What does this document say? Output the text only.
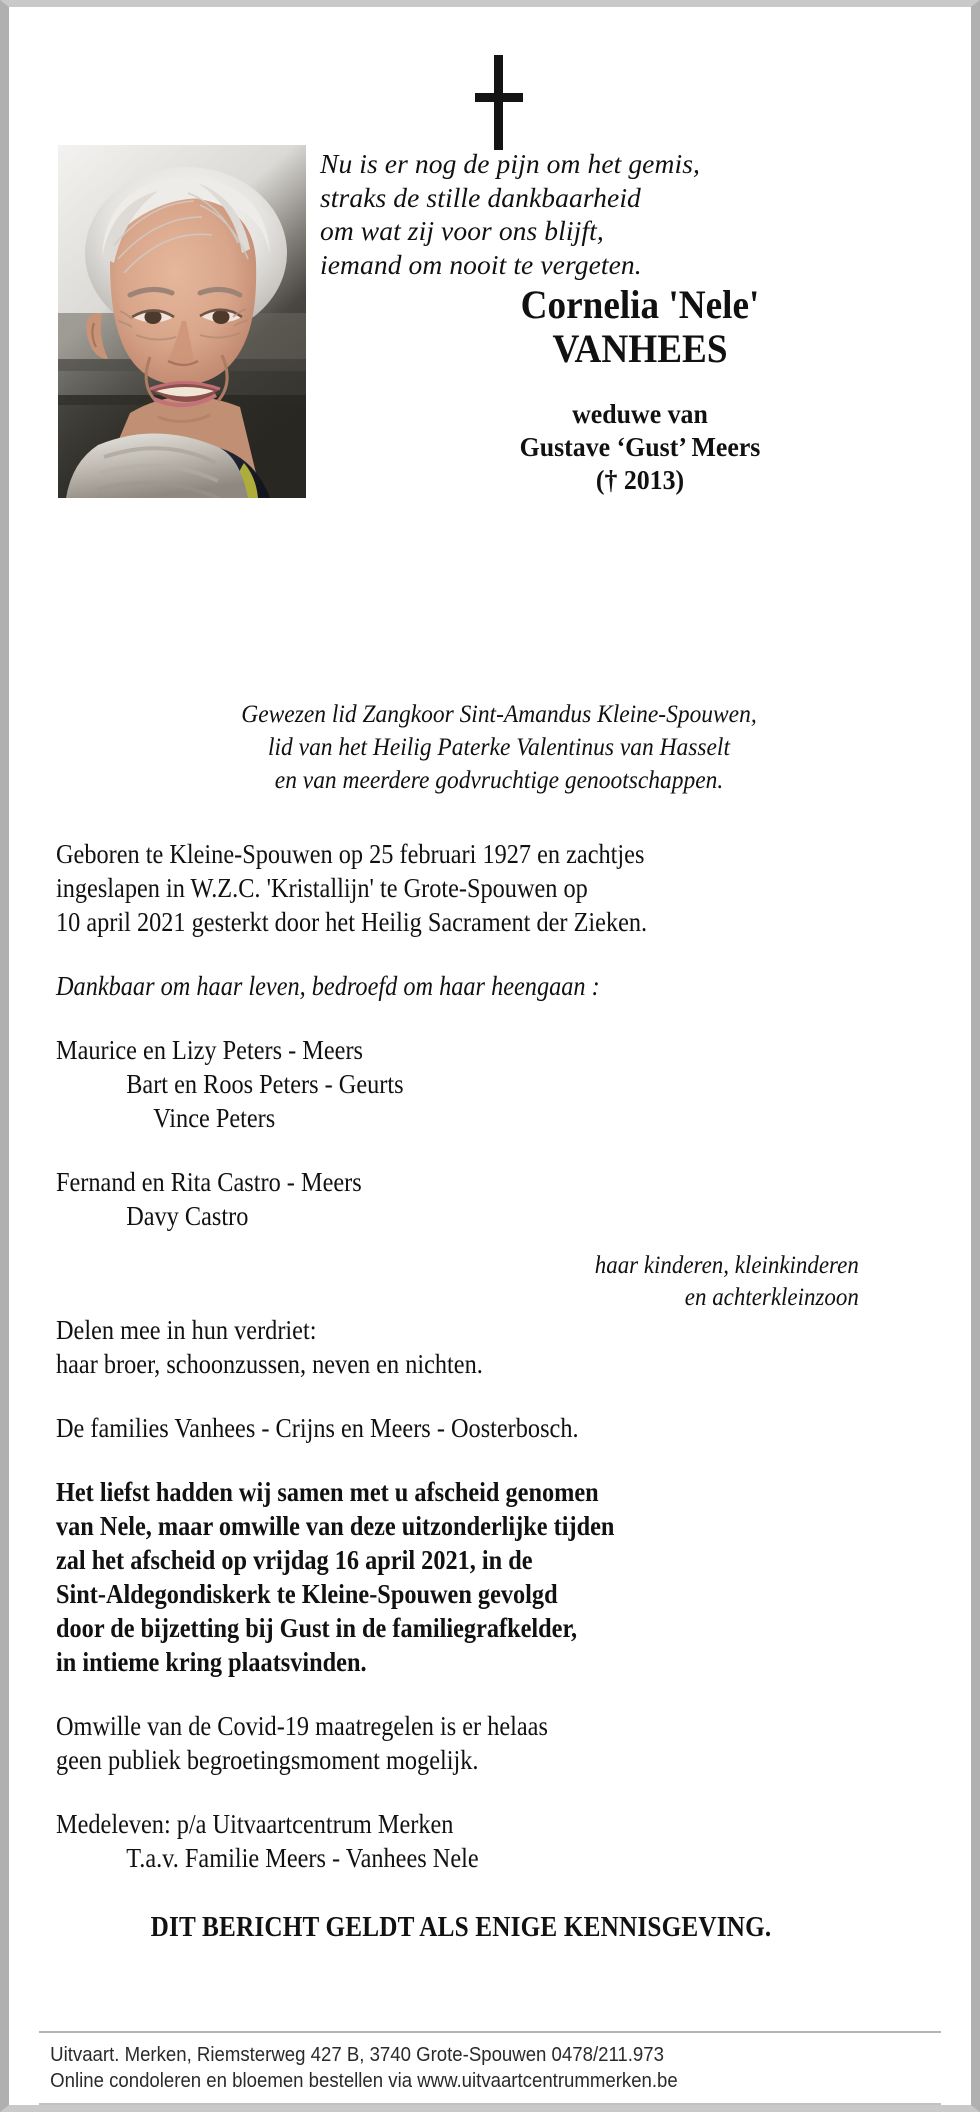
Nu is er nog de pijn om het gemis,
straks de stille dankbaarheid
om wat zij voor ons blijft,
iemand om nooit te vergeten.
Cornelia 'Nele'
VANHEES
weduwe van
Gustave ‘Gust’ Meers
(† 2013)
Gewezen lid Zangkoor Sint-Amandus Kleine-Spouwen,
lid van het Heilig Paterke Valentinus van Hasselt
en van meerdere godvruchtige genootschappen.

Geboren te Kleine-Spouwen op 25 februari 1927 en zachtjes

ingeslapen in W.Z.C. 'Kristallijn' te Grote-Spouwen op

10 april 2021 gesterkt door het Heilig Sacrament der Zieken.

Dankbaar om haar leven, bedroefd om haar heengaan :

Maurice en Lizy Peters - Meers

Bart en Roos Peters - Geurts

Vince Peters

Fernand en Rita Castro - Meers

Davy Castro

haar kinderen, kleinkinderen

en achterkleinzoon

Delen mee in hun verdriet:

haar broer, schoonzussen, neven en nichten.

De families Vanhees - Crijns en Meers - Oosterbosch.

Het liefst hadden wij samen met u afscheid genomen

van Nele, maar omwille van deze uitzonderlijke tijden

zal het afscheid op vrijdag 16 april 2021, in de

Sint-Aldegondiskerk te Kleine-Spouwen gevolgd

door de bijzetting bij Gust in de familiegrafkelder,

in intieme kring plaatsvinden.

Omwille van de Covid-19 maatregelen is er helaas

geen publiek begroetingsmoment mogelijk.

Medeleven: p/a Uitvaartcentrum Merken

T.a.v. Familie Meers - Vanhees Nele

DIT BERICHT GELDT ALS ENIGE KENNISGEVING.

Uitvaart. Merken, Riemsterweg 427 B, 3740 Grote-Spouwen 0478/211.973
Online condoleren en bloemen bestellen via www.uitvaartcentrummerken.be
